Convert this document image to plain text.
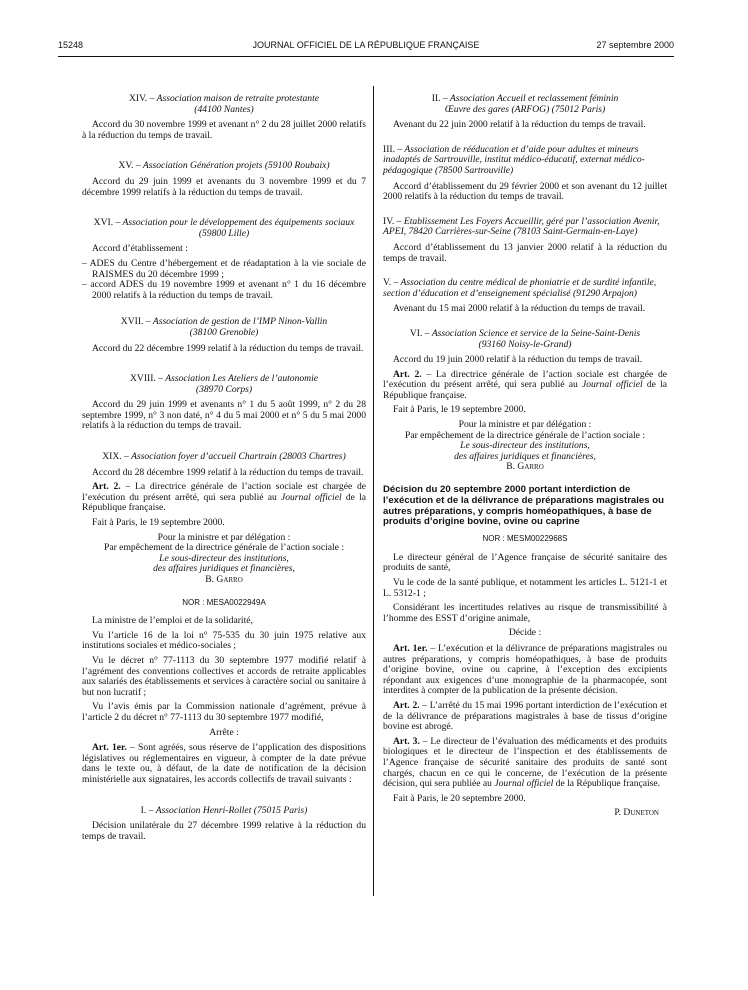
15248	JOURNAL OFFICIEL DE LA RÉPUBLIQUE FRANÇAISE	27 septembre 2000

XIV. – Association maison de retraite protestante
(44100 Nantes)

Accord du 30 novembre 1999 et avenant n° 2 du 28 juillet 2000 relatifs à la réduction du temps de travail.

XV. – Association Génération projets (59100 Roubaix)

Accord du 29 juin 1999 et avenants du 3 novembre 1999 et du 7 décembre 1999 relatifs à la réduction du temps de travail.

XVI. – Association pour le développement des équipements sociaux
(59800 Lille)

Accord d’établissement :

– ADES du Centre d’hébergement et de réadaptation à la vie sociale de RAISMES du 20 décembre 1999 ;

– accord ADES du 19 novembre 1999 et avenant n° 1 du 16 décembre 2000 relatifs à la réduction du temps de travail.

XVII. – Association de gestion de l’IMP Ninon-Vallin
(38100 Grenoble)

Accord du 22 décembre 1999 relatif à la réduction du temps de travail.

XVIII. – Association Les Ateliers de l’autonomie
(38970 Corps)

Accord du 29 juin 1999 et avenants n° 1 du 5 août 1999, n° 2 du 28 septembre 1999, n° 3 non daté, n° 4 du 5 mai 2000 et n° 5 du 5 mai 2000 relatifs à la réduction du temps de travail.

XIX. – Association foyer d’accueil Chartrain (28003 Chartres)

Accord du 28 décembre 1999 relatif à la réduction du temps de travail.

Art. 2. – La directrice générale de l’action sociale est chargée de l’exécution du présent arrêté, qui sera publié au Journal officiel de la République française.

Fait à Paris, le 19 septembre 2000.

Pour la ministre et par délégation :

Par empêchement de la directrice générale de l’action sociale :

Le sous-directeur des institutions,

des affaires juridiques et financières,

B. Garro

NOR : MESA0022949A

La ministre de l’emploi et de la solidarité,

Vu l’article 16 de la loi n° 75-535 du 30 juin 1975 relative aux institutions sociales et médico-sociales ;

Vu le décret n° 77-1113 du 30 septembre 1977 modifié relatif à l’agrément des conventions collectives et accords de retraite applicables aux salariés des établissements et services à caractère social ou sanitaire à but non lucratif ;

Vu l’avis émis par la Commission nationale d’agrément, prévue à l’article 2 du décret n° 77-1113 du 30 septembre 1977 modifié,

Arrête :

Art. 1er. – Sont agréés, sous réserve de l’application des dispositions législatives ou réglementaires en vigueur, à compter de la date prévue dans le texte ou, à défaut, de la date de notification de la décision ministérielle aux signataires, les accords collectifs de travail suivants :

I. – Association Henri-Rollet (75015 Paris)

Décision unilatérale du 27 décembre 1999 relative à la réduction du temps de travail.

II. – Association Accueil et reclassement féminin
Œuvre des gares (ARFOG) (75012 Paris)

Avenant du 22 juin 2000 relatif à la réduction du temps de travail.

III. – Association de rééducation et d’aide pour adultes et mineurs inadaptés de Sartrouville, institut médico-éducatif, externat médico-pédagogique (78500 Sartrouville)

Accord d’établissement du 29 février 2000 et son avenant du 12 juillet 2000 relatifs à la réduction du temps de travail.

IV. – Etablissement Les Foyers Accueillir, géré par l’association Avenir, APEI, 78420 Carrières-sur-Seine (78103 Saint-Germain-en-Laye)

Accord d’établissement du 13 janvier 2000 relatif à la réduction du temps de travail.

V. – Association du centre médical de phoniatrie et de surdité infantile, section d’éducation et d’enseignement spécialisé (91290 Arpajon)

Avenant du 15 mai 2000 relatif à la réduction du temps de travail.

VI. – Association Science et service de la Seine-Saint-Denis
(93160 Noisy-le-Grand)

Accord du 19 juin 2000 relatif à la réduction du temps de travail.

Art. 2. – La directrice générale de l’action sociale est chargée de l’exécution du présent arrêté, qui sera publié au Journal officiel de la République française.

Fait à Paris, le 19 septembre 2000.

Pour la ministre et par délégation :

Par empêchement de la directrice générale de l’action sociale :

Le sous-directeur des institutions,

des affaires juridiques et financières,

B. Garro

Décision du 20 septembre 2000 portant interdiction de l’exécution et de la délivrance de préparations magistrales ou autres préparations, y compris homéopathiques, à base de produits d’origine bovine, ovine ou caprine

NOR : MESM0022968S

Le directeur général de l’Agence française de sécurité sanitaire des produits de santé,

Vu le code de la santé publique, et notamment les articles L. 5121-1 et L. 5312-1 ;

Considérant les incertitudes relatives au risque de transmissibilité à l’homme des ESST d’origine animale,

Décide :

Art. 1er. – L’exécution et la délivrance de préparations magistrales ou autres préparations, y compris homéopathiques, à base de produits d’origine bovine, ovine ou caprine, à l’exception des excipients répondant aux exigences d’une monographie de la pharmacopée, sont interdites à compter de la publication de la présente décision.

Art. 2. – L’arrêté du 15 mai 1996 portant interdiction de l’exécution et de la délivrance de préparations magistrales à base de tissus d’origine bovine est abrogé.

Art. 3. – Le directeur de l’évaluation des médicaments et des produits biologiques et le directeur de l’inspection et des établissements de l’Agence française de sécurité sanitaire des produits de santé sont chargés, chacun en ce qui le concerne, de l’exécution de la présente décision, qui sera publiée au Journal officiel de la République française.

Fait à Paris, le 20 septembre 2000.

P. Duneton
